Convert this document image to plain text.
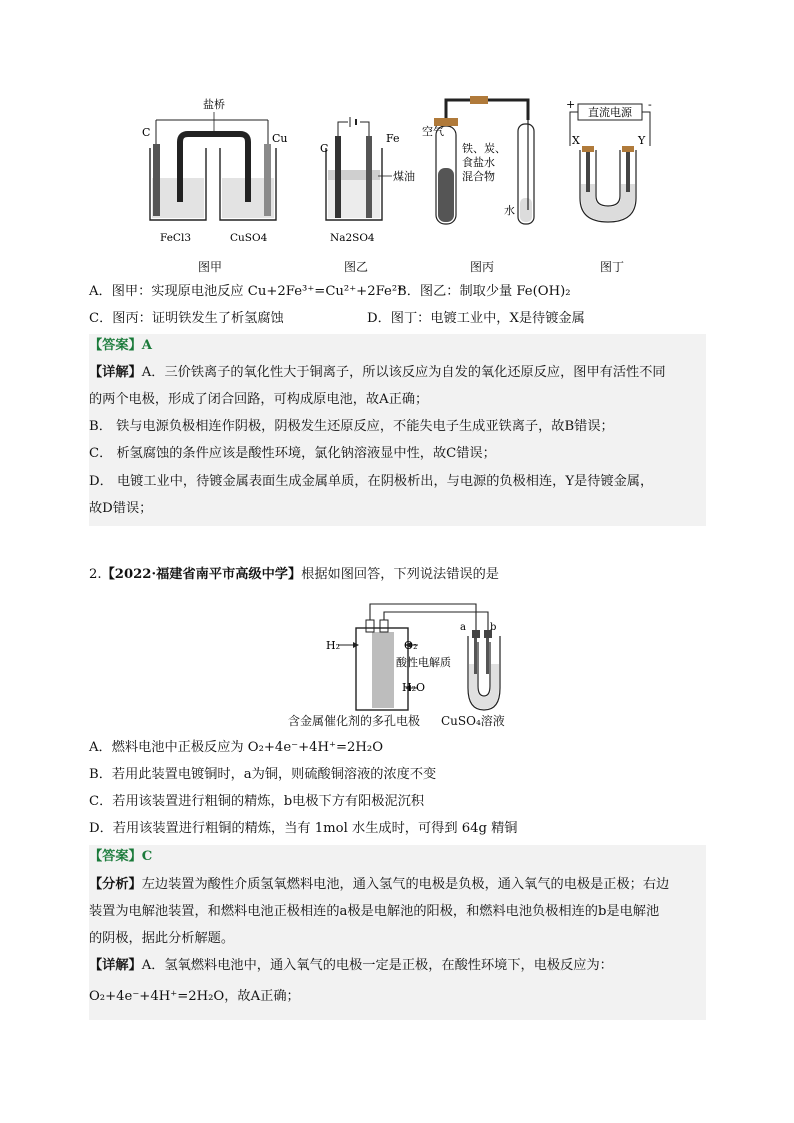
盐桥
C	Cu
FeCl3	CuSO4
C
Fe
煤油
Na2SO4
空气
铁、炭、
食盐水
混合物
水
直流电源
+	-
X	Y
图甲	图乙	图丙	图丁
A．图甲：实现原电池反应 Cu+2Fe³⁺=Cu²⁺+2Fe²⁺
B．图乙：制取少量 Fe(OH)₂
C．图丙：证明铁发生了析氢腐蚀	D．图丁：电镀工业中，X是待镀金属
【答案】A
【详解】A．三价铁离子的氧化性大于铜离子，所以该反应为自发的氧化还原反应，图甲有活性不同
的两个电极，形成了闭合回路，可构成原电池，故A正确；
B． 铁与电源负极相连作阴极，阴极发生还原反应，不能失电子生成亚铁离子，故B错误；
C． 析氢腐蚀的条件应该是酸性环境，氯化钠溶液显中性，故C错误；
D． 电镀工业中，待镀金属表面生成金属单质，在阴极析出，与电源的负极相连，Y是待镀金属，
故D错误；
2.【2022·福建省南平市高级中学】根据如图回答，下列说法错误的是
H₂	O₂
H₂O
酸性电解质
a b
含金属催化剂的多孔电极 CuSO₄溶液
A．燃料电池中正极反应为 O₂+4e⁻+4H⁺=2H₂O
B．若用此装置电镀铜时，a为铜，则硫酸铜溶液的浓度不变
C．若用该装置进行粗铜的精炼，b电极下方有阳极泥沉积
D．若用该装置进行粗铜的精炼，当有 1mol 水生成时，可得到 64g 精铜
【答案】C
【分析】左边装置为酸性介质氢氧燃料电池，通入氢气的电极是负极，通入氧气的电极是正极；右边
装置为电解池装置，和燃料电池正极相连的a极是电解池的阳极，和燃料电池负极相连的b是电解池
的阴极，据此分析解题。
【详解】A．氢氧燃料电池中，通入氧气的电极一定是正极，在酸性环境下，电极反应为：
O₂+4e⁻+4H⁺=2H₂O，故A正确；
